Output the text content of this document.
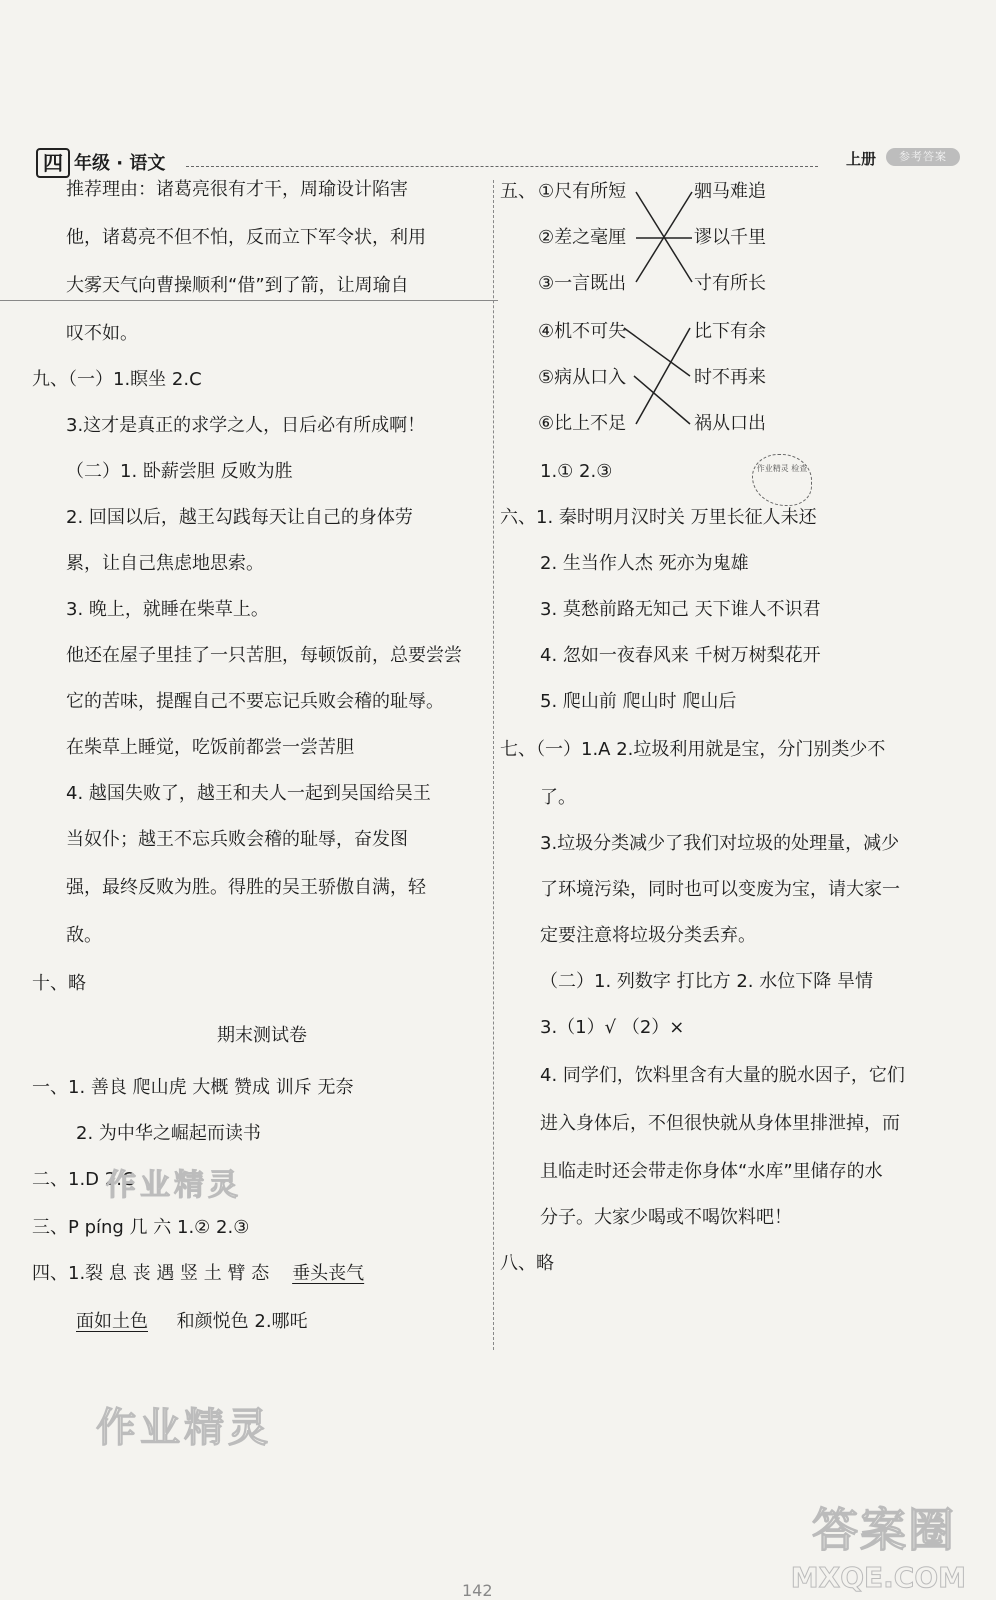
四 年级 · 语文	上册	参考答案
推荐理由：诸葛亮很有才干，周瑜设计陷害
他，诸葛亮不但不怕，反而立下军令状，利用
大雾天气向曹操顺利“借”到了箭，让周瑜自
叹不如。
九、（一）1.瞑坐 2.C
3.这才是真正的求学之人，日后必有所成啊！
（二）1. 卧薪尝胆 反败为胜
2. 回国以后，越王勾践每天让自己的身体劳
累，让自己焦虑地思索。
3. 晚上，就睡在柴草上。
他还在屋子里挂了一只苦胆，每顿饭前，总要尝尝
它的苦味，提醒自己不要忘记兵败会稽的耻辱。
在柴草上睡觉，吃饭前都尝一尝苦胆
4. 越国失败了，越王和夫人一起到吴国给吴王
当奴仆；越王不忘兵败会稽的耻辱，奋发图
强，最终反败为胜。得胜的吴王骄傲自满，轻
敌。
十、略
期末测试卷
一、1. 善良 爬山虎 大概 赞成 训斥 无奈
2. 为中华之崛起而读书
二、1.D 2.C
三、P píng 几 六 1.② 2.③
四、1.裂 息 丧 遇 竖 土 臂 态 垂头丧气
面如土色 和颜悦色 2.哪吒
五、 ①尺有所短
②差之毫厘
③一言既出
④机不可失
⑤病从口入
⑥比上不足
驷马难追
谬以千里
寸有所长
比下有余
时不再来
祸从口出
1.① 2.③	作业精灵 检查
六、1. 秦时明月汉时关 万里长征人未还
2. 生当作人杰 死亦为鬼雄
3. 莫愁前路无知己 天下谁人不识君
4. 忽如一夜春风来 千树万树梨花开
5. 爬山前 爬山时 爬山后
七、（一）1.A 2.垃圾利用就是宝，分门别类少不
了。
3.垃圾分类减少了我们对垃圾的处理量，减少
了环境污染，同时也可以变废为宝，请大家一
定要注意将垃圾分类丢弃。
（二）1. 列数字 打比方 2. 水位下降 旱情
3.（1）√ （2）×
4. 同学们，饮料里含有大量的脱水因子，它们
进入身体后，不但很快就从身体里排泄掉，而
且临走时还会带走你身体“水库”里储存的水
分子。大家少喝或不喝饮料吧！
八、略
作业精灵
作业精灵
答案圈
MXQE.COM
142
